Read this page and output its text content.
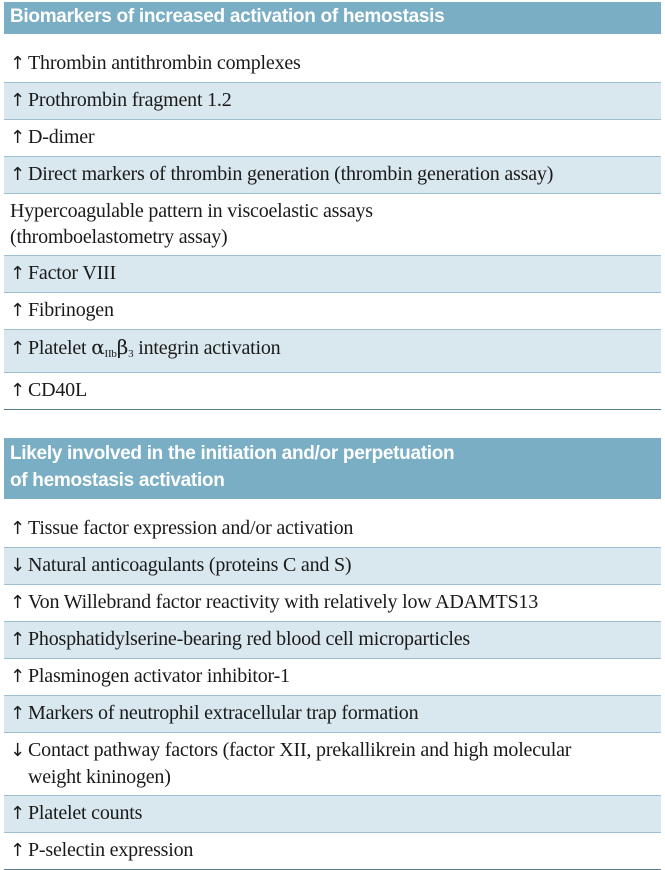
Biomarkers of increased activation of hemostasis
↑ Thrombin antithrombin complexes
↑ Prothrombin fragment 1.2
↑ D-dimer
↑ Direct markers of thrombin generation (thrombin generation assay)
Hypercoagulable pattern in viscoelastic assays
(thromboelastometry assay)
↑ Factor VIII
↑ Fibrinogen
↑ Platelet $\alpha_{IIb}\beta_3$ integrin activation
↑ CD40L
Likely involved in the initiation and/or perpetuation
of hemostasis activation
↑ Tissue factor expression and/or activation
↓ Natural anticoagulants (proteins C and S)
↑ Von Willebrand factor reactivity with relatively low ADAMTS13
↑ Phosphatidylserine-bearing red blood cell microparticles
↑ Plasminogen activator inhibitor-1
↑ Markers of neutrophil extracellular trap formation
↓ Contact pathway factors (factor XII, prekallikrein and high molecular
weight kininogen)
↑ Platelet counts
↑ P-selectin expression
